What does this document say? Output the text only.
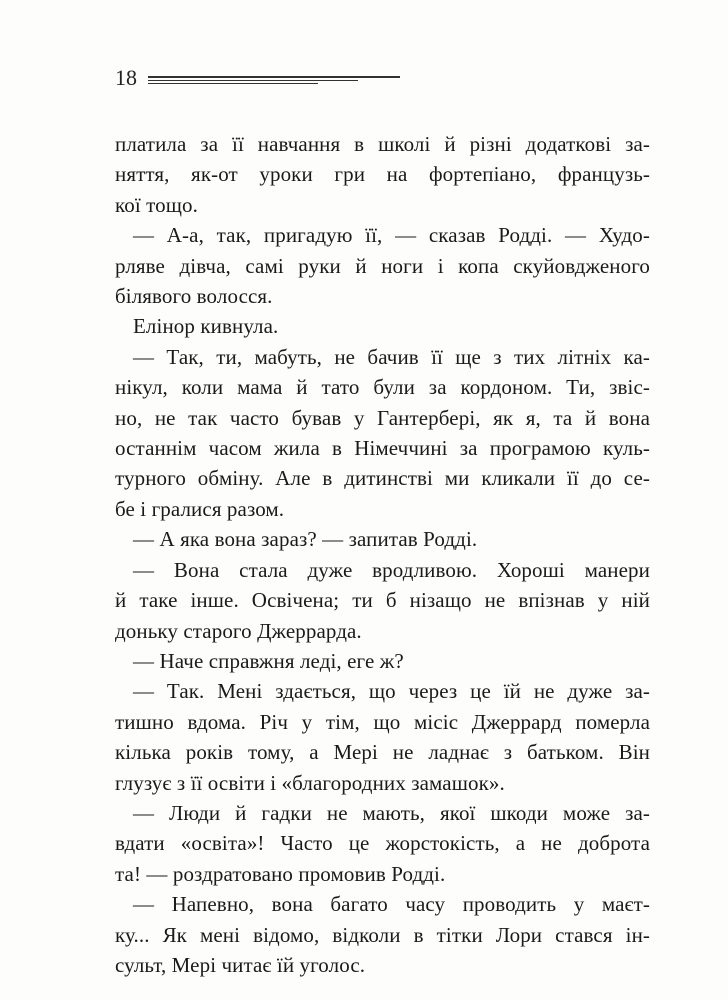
18
платила за її навчання в школі й різні додаткові за-
няття, як-от уроки гри на фортепіано, французь-
кої тощо.
— А-а, так, пригадую її, — сказав Родді. — Худо-
рляве дівча, самі руки й ноги і копа скуйовдженого
білявого волосся.
Елінор кивнула.
— Так, ти, мабуть, не бачив її ще з тих літніх ка-
нікул, коли мама й тато були за кордоном. Ти, звіс-
но, не так часто бував у Гантербері, як я, та й вона
останнім часом жила в Німеччині за програмою куль-
турного обміну. Але в дитинстві ми кликали її до се-
бе і гралися разом.
— А яка вона зараз? — запитав Родді.
— Вона стала дуже вродливою. Хороші манери
й таке інше. Освічена; ти б нізащо не впізнав у ній
доньку старого Джеррарда.
— Наче справжня леді, еге ж?
— Так. Мені здається, що через це їй не дуже за-
тишно вдома. Річ у тім, що місіс Джеррард померла
кілька років тому, а Мері не ладнає з батьком. Він
глузує з її освіти і «благородних замашок».
— Люди й гадки не мають, якої шкоди може за-
вдати «освіта»! Часто це жорстокість, а не доброта
та! — роздратовано промовив Родді.
— Напевно, вона багато часу проводить у маєт-
ку... Як мені відомо, відколи в тітки Лори стався ін-
сульт, Мері читає їй уголос.
